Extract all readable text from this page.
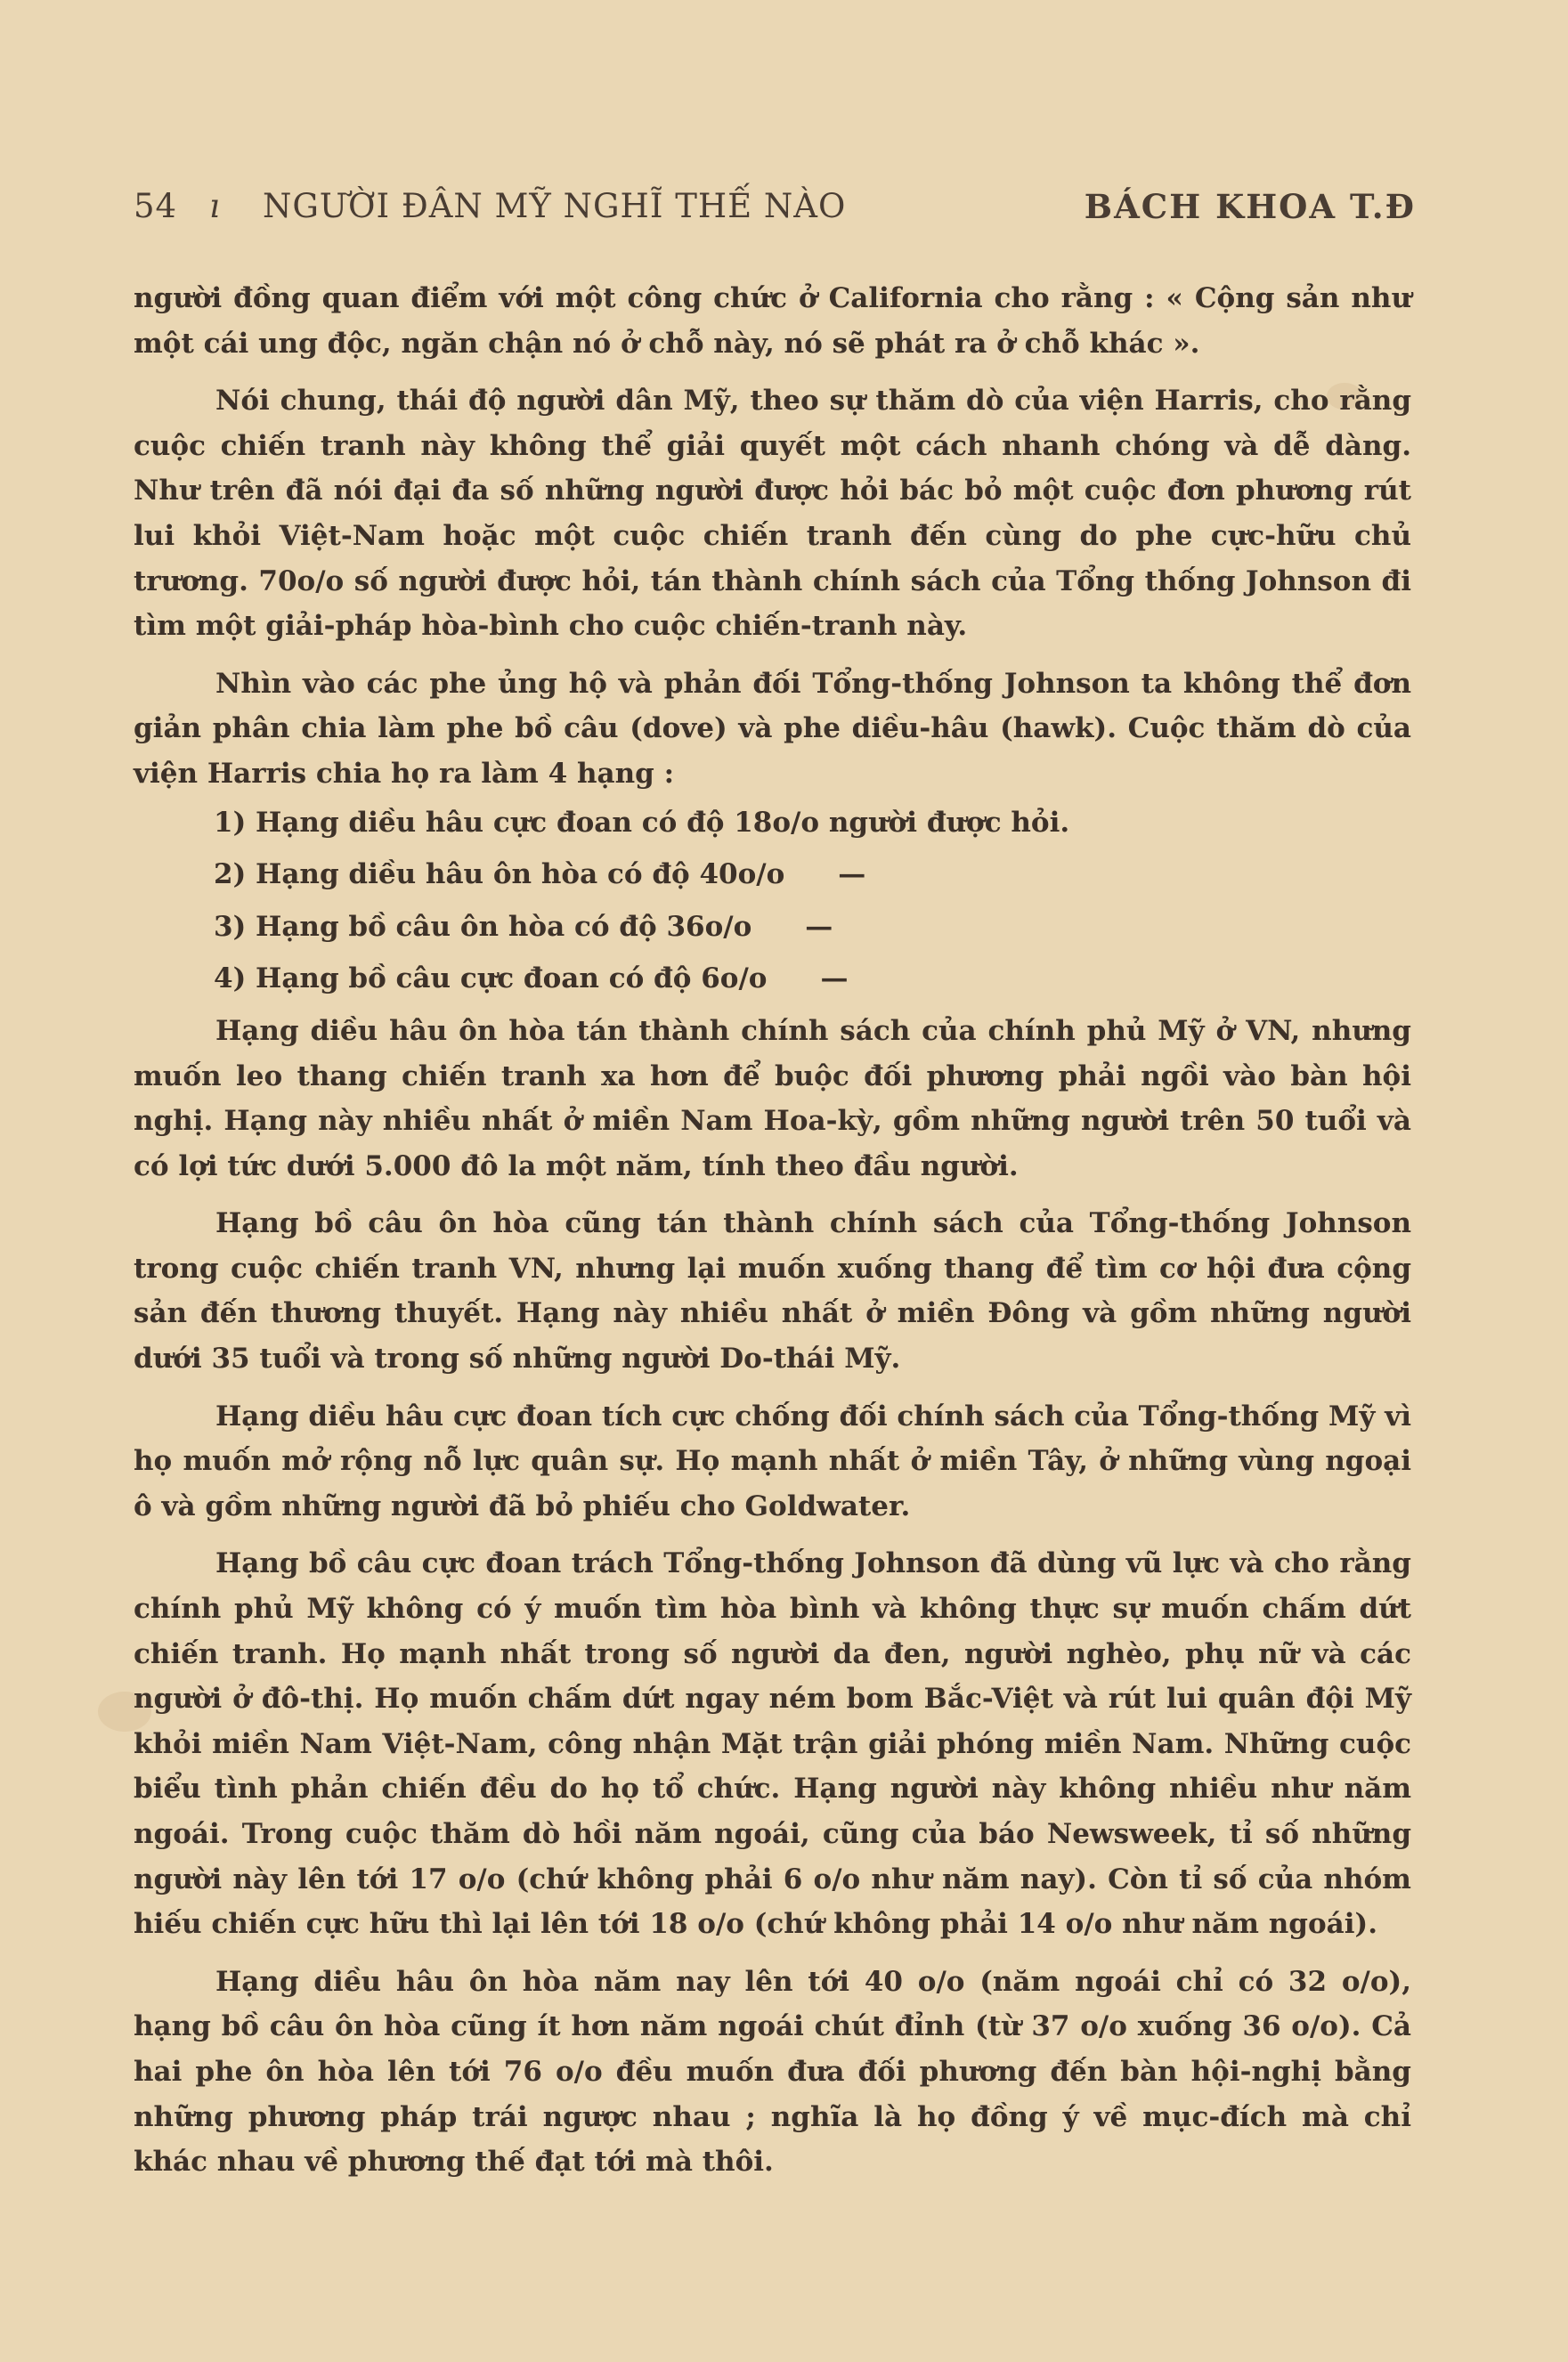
54 ı NGƯỜI ĐÂN MỸ NGHĨ THẾ NÀO	BÁCH KHOA T.Đ

người đồng quan điểm với một công chức ở California cho rằng : « Cộng sản như một cái ung độc, ngăn chận nó ở chỗ này, nó sẽ phát ra ở chỗ khác ».

Nói chung, thái độ người dân Mỹ, theo sự thăm dò của viện Harris, cho rằng cuộc chiến tranh này không thể giải quyết một cách nhanh chóng và dễ dàng. Như trên đã nói đại đa số những người được hỏi bác bỏ một cuộc đơn phương rút lui khỏi Việt-Nam hoặc một cuộc chiến tranh đến cùng do phe cực-hữu chủ trương. 70o/o số người được hỏi, tán thành chính sách của Tổng thống Johnson đi tìm một giải-pháp hòa-bình cho cuộc chiến-tranh này.

Nhìn vào các phe ủng hộ và phản đối Tổng-thống Johnson ta không thể đơn giản phân chia làm phe bồ câu (dove) và phe diều-hâu (hawk). Cuộc thăm dò của viện Harris chia họ ra làm 4 hạng :

1) Hạng diều hâu cực đoan có độ 18o/o người được hỏi.

2) Hạng diều hâu ôn hòa có độ 40o/o —

3) Hạng bồ câu ôn hòa có độ 36o/o —

4) Hạng bồ câu cực đoan có độ 6o/o —

Hạng diều hâu ôn hòa tán thành chính sách của chính phủ Mỹ ở VN, nhưng muốn leo thang chiến tranh xa hơn để buộc đối phương phải ngồi vào bàn hội nghị. Hạng này nhiều nhất ở miền Nam Hoa-kỳ, gồm những người trên 50 tuổi và có lợi tức dưới 5.000 đô la một năm, tính theo đầu người.

Hạng bồ câu ôn hòa cũng tán thành chính sách của Tổng-thống Johnson trong cuộc chiến tranh VN, nhưng lại muốn xuống thang để tìm cơ hội đưa cộng sản đến thương thuyết. Hạng này nhiều nhất ở miền Đông và gồm những người dưới 35 tuổi và trong số những người Do-thái Mỹ.

Hạng diều hâu cực đoan tích cực chống đối chính sách của Tổng-thống Mỹ vì họ muốn mở rộng nỗ lực quân sự. Họ mạnh nhất ở miền Tây, ở những vùng ngoại ô và gồm những người đã bỏ phiếu cho Goldwater.

Hạng bồ câu cực đoan trách Tổng-thống Johnson đã dùng vũ lực và cho rằng chính phủ Mỹ không có ý muốn tìm hòa bình và không thực sự muốn chấm dứt chiến tranh. Họ mạnh nhất trong số người da đen, người nghèo, phụ nữ và các người ở đô-thị. Họ muốn chấm dứt ngay ném bom Bắc-Việt và rút lui quân đội Mỹ khỏi miền Nam Việt-Nam, công nhận Mặt trận giải phóng miền Nam. Những cuộc biểu tình phản chiến đều do họ tổ chức. Hạng người này không nhiều như năm ngoái. Trong cuộc thăm dò hồi năm ngoái, cũng của báo Newsweek, tỉ số những người này lên tới 17 o/o (chứ không phải 6 o/o như năm nay). Còn tỉ số của nhóm hiếu chiến cực hữu thì lại lên tới 18 o/o (chứ không phải 14 o/o như năm ngoái).

Hạng diều hâu ôn hòa năm nay lên tới 40 o/o (năm ngoái chỉ có 32 o/o), hạng bồ câu ôn hòa cũng ít hơn năm ngoái chút đỉnh (từ 37 o/o xuống 36 o/o). Cả hai phe ôn hòa lên tới 76 o/o đều muốn đưa đối phương đến bàn hội-nghị bằng những phương pháp trái ngược nhau ; nghĩa là họ đồng ý về mục-đích mà chỉ khác nhau về phương thế đạt tới mà thôi.
